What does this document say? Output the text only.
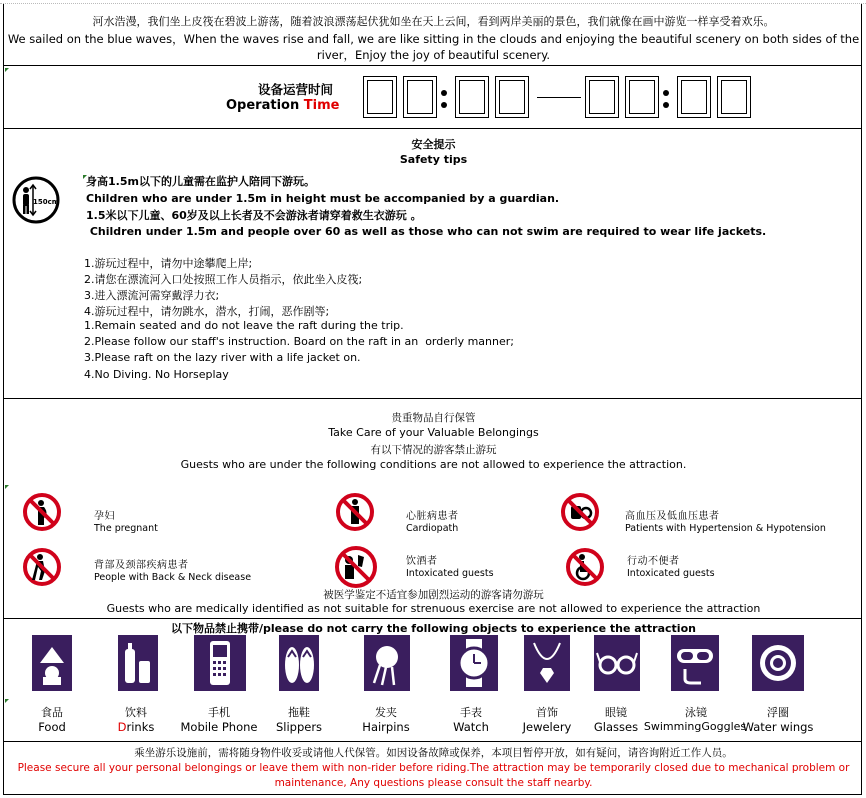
河水浩漫，我们坐上皮筏在碧波上游荡，随着波浪漂荡起伏犹如坐在天上云间，看到两岸美丽的景色，我们就像在画中游览一样享受着欢乐。
We sailed on the blue waves，When the waves rise and fall, we are like sitting in the clouds and enjoying the beautiful scenery on both sides of the river，Enjoy the joy of beautiful scenery.
设备运营时间
Operation Time
安全提示
Safety tips
150cm
身高1.5m以下的儿童需在监护人陪同下游玩。
Children who are under 1.5m in height must be accompanied by a guardian.
1.5米以下儿童、60岁及以上长者及不会游泳者请穿着救生衣游玩 。
Children under 1.5m and people over 60 as well as those who can not swim are required to wear life jackets.
1.游玩过程中，请勿中途攀爬上岸;
2.请您在漂流河入口处按照工作人员指示，依此坐入皮筏;
3.进入漂流河需穿戴浮力衣;
4.游玩过程中，请勿跳水，潜水，打闹，恶作剧等;
1.Remain seated and do not leave the raft during the trip.
2.Please follow our staff's instruction. Board on the raft in an  orderly manner;
3.Please raft on the lazy river with a life jacket on.
4.No Diving. No Horseplay
贵重物品自行保管
Take Care of your Valuable Belongings
有以下情况的游客禁止游玩
Guests who are under the following conditions are not allowed to experience the attraction.
孕妇
The pregnant
心脏病患者
Cardiopath
高血压及低血压患者
Patients with Hypertension & Hypotension
背部及颈部疾病患者
People with Back & Neck disease
饮酒者
Intoxicated guests
行动不便者
Intoxicated guests
被医学鉴定不适宜参加剧烈运动的游客请勿游玩
Guests who are medically identified as not suitable for strenuous exercise are not allowed to experience the attraction
以下物品禁止携带/please do not carry the following objects to experience the attraction
食品
Food
饮料
Drinks
手机
Mobile Phone
拖鞋
Slippers
发夹
Hairpins
手表
Watch
首饰
Jewelery
眼镜
Glasses
泳镜
SwimmingGoggles
浮圈
Water wings
乘坐游乐设施前，需将随身物件收妥或请他人代保管。如因设备故障或保养，本项目暂停开放，如有疑问，请咨询附近工作人员。
Please secure all your personal belongings or leave them with non-rider before riding.The attraction may be temporarily closed due to mechanical problem or maintenance, Any questions please consult the staff nearby.
